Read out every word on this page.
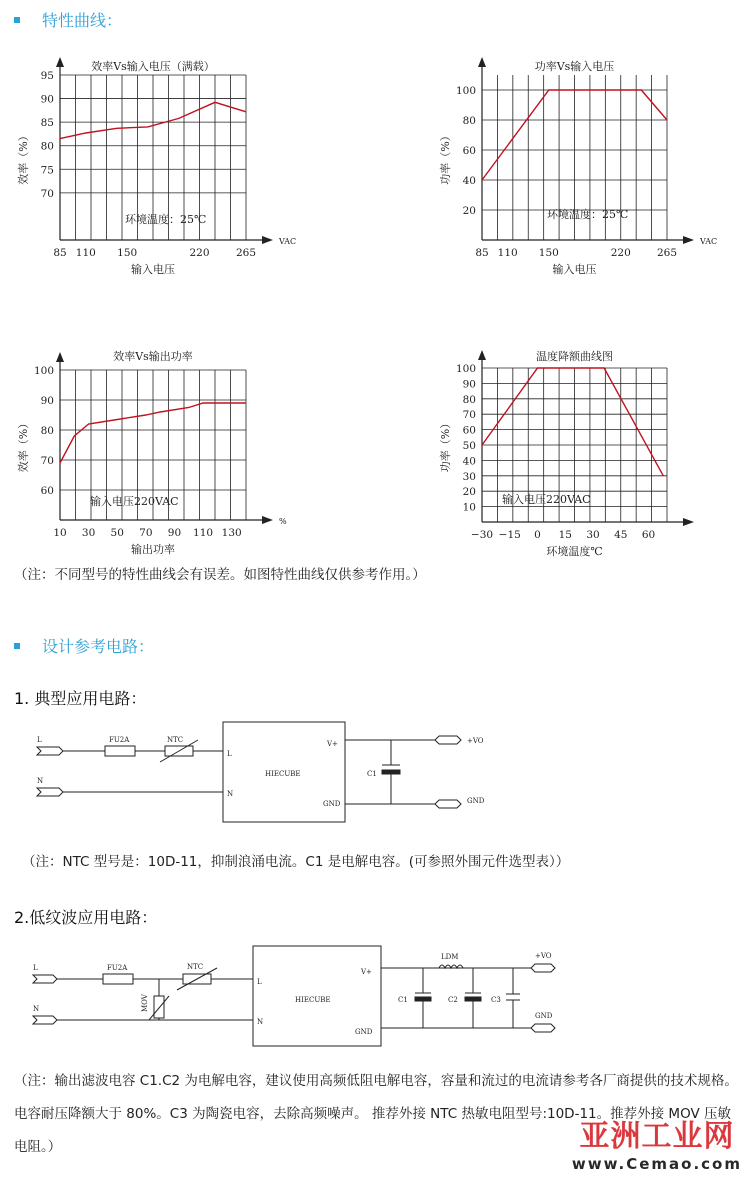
特性曲线：
70
75
80
85
90
95
85 110 150	220	265
VAC
效率Vs输入电压（满载）
输入电压
效率（%）
环境温度：25℃
20
40
60
80
100
85 110 150	220 265
VAC
功率Vs输入电压
输入电压
功率（%）
环境温度：25℃
60
70
80
90
100
10 30 50 70 90 110 130
%
效率Vs输出功率
输出功率
效率（%）
输入电压220VAC	10
20
30
40
50
60
70
80
90
100
−30 −15 0 15 30 45 60
温度降额曲线图
环境温度℃
功率（%）
输入电压220VAC
（注：不同型号的特性曲线会有误差。如图特性曲线仅供参考作用。）
设计参考电路：
1. 典型应用电路：
L
N
FU2A	NTC
L
N
HIECUBE
V+
GND
C1
+VO
GND
（注：NTC 型号是：10D-11，抑制浪涌电流。C1 是电解电容。(可参照外围元件选型表））
2.低纹波应用电路：
L
N
FU2A	NTC
MOV
L
N
HIECUBE
V+
GND
LDM
C1	C2	C3
+VO
GND
（注：输出滤波电容 C1.C2 为电解电容，建议使用高频低阻电解电容，容量和流过的电流请参考各厂商提供的技术规格。电容耐压降额大于 80%。C3 为陶瓷电容，去除高频噪声。 推荐外接 NTC 热敏电阻型号:10D-11。推荐外接 MOV 压敏电阻。）	亚洲工业网
www.Cemao.com
